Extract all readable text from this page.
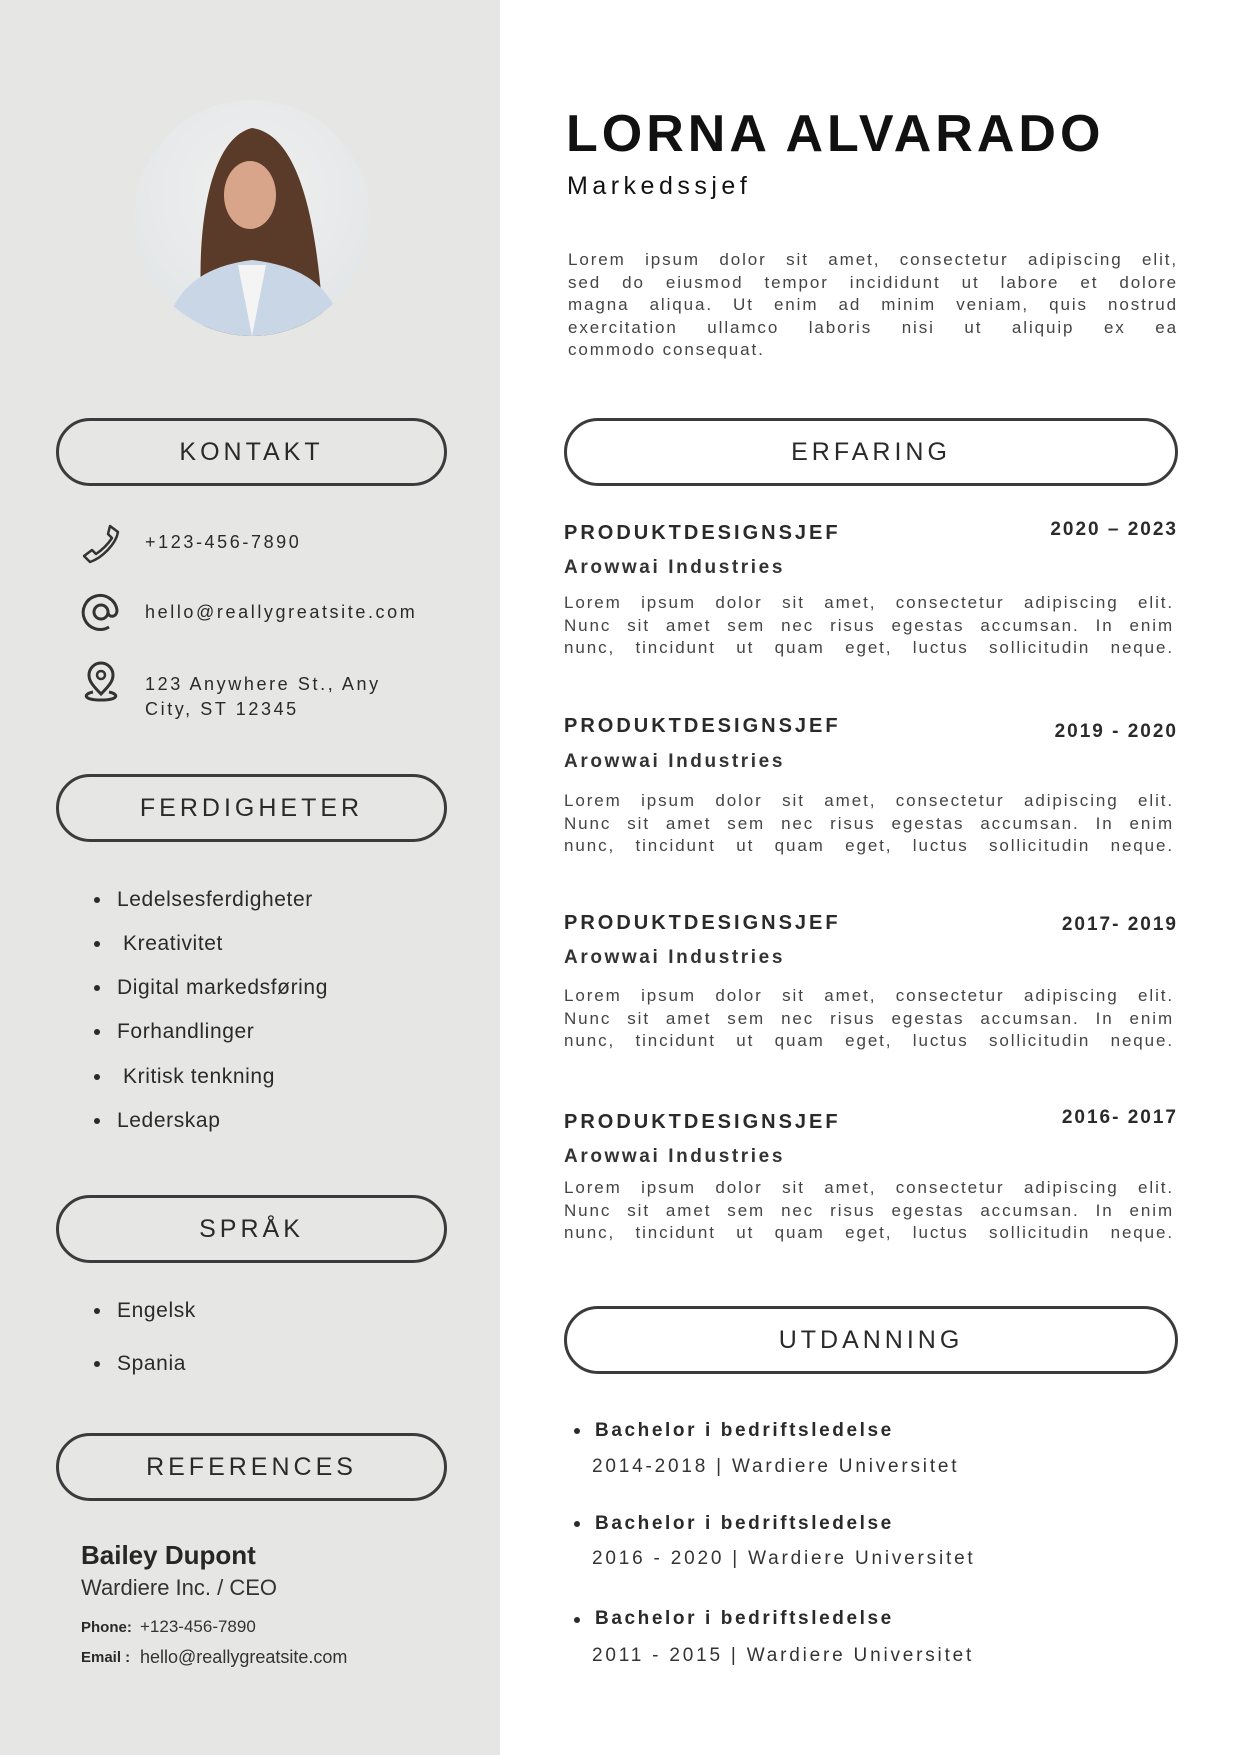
LORNA ALVARADO
Markedssjef
Lorem ipsum dolor sit amet, consectetur adipiscing elit,
sed do eiusmod tempor incididunt ut labore et dolore
magna aliqua. Ut enim ad minim veniam, quis nostrud
exercitation ullamco laboris nisi ut aliquip ex ea
commodo consequat.
KONTAKT
+123-456-7890
hello@reallygreatsite.com
123 Anywhere St., Any
City, ST 12345
FERDIGHETER
Ledelsesferdigheter
Kreativitet
Digital markedsføring
Forhandlinger
Kritisk tenkning
Lederskap
SPRÅK
Engelsk
Spania
REFERENCES
Bailey Dupont
Wardiere Inc. / CEO
Phone: +123-456-7890
Email : hello@reallygreatsite.com
ERFARING
PRODUKTDESIGNSJEF	2020 – 2023
Arowwai Industries
Lorem ipsum dolor sit amet, consectetur adipiscing elit.
Nunc sit amet sem nec risus egestas accumsan. In enim
nunc, tincidunt ut quam eget, luctus sollicitudin neque.
PRODUKTDESIGNSJEF	2019 - 2020
Arowwai Industries
Lorem ipsum dolor sit amet, consectetur adipiscing elit.
Nunc sit amet sem nec risus egestas accumsan. In enim
nunc, tincidunt ut quam eget, luctus sollicitudin neque.
PRODUKTDESIGNSJEF	2017- 2019
Arowwai Industries
Lorem ipsum dolor sit amet, consectetur adipiscing elit.
Nunc sit amet sem nec risus egestas accumsan. In enim
nunc, tincidunt ut quam eget, luctus sollicitudin neque.
PRODUKTDESIGNSJEF	2016- 2017
Arowwai Industries
Lorem ipsum dolor sit amet, consectetur adipiscing elit.
Nunc sit amet sem nec risus egestas accumsan. In enim
nunc, tincidunt ut quam eget, luctus sollicitudin neque.
UTDANNING
Bachelor i bedriftsledelse
2014-2018 | Wardiere Universitet
Bachelor i bedriftsledelse
2016 - 2020 | Wardiere Universitet
Bachelor i bedriftsledelse
2011 - 2015 | Wardiere Universitet
